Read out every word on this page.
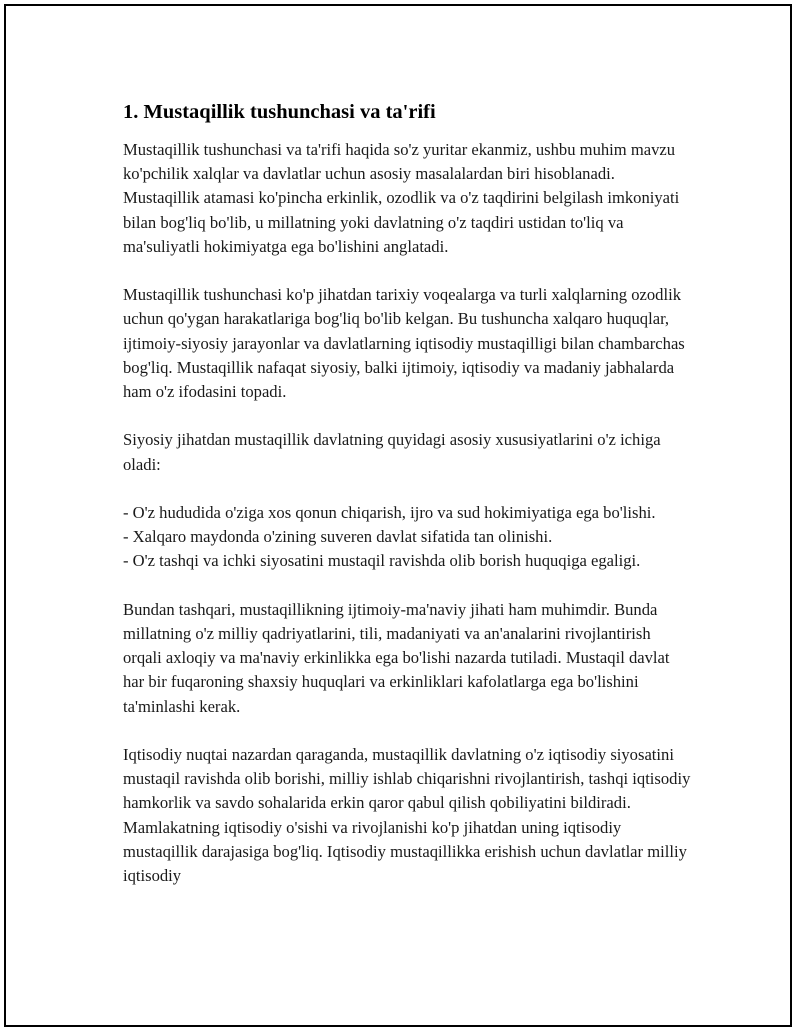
1. Mustaqillik tushunchasi va ta'rifi

Mustaqillik tushunchasi va ta'rifi haqida so'z yuritar ekanmiz, ushbu muhim mavzu ko'pchilik xalqlar va davlatlar uchun asosiy masalalardan biri hisoblanadi. Mustaqillik atamasi ko'pincha erkinlik, ozodlik va o'z taqdirini belgilash imkoniyati bilan bog'liq bo'lib, u millatning yoki davlatning o'z taqdiri ustidan to'liq va ma'suliyatli hokimiyatga ega bo'lishini anglatadi.

Mustaqillik tushunchasi ko'p jihatdan tarixiy voqealarga va turli xalqlarning ozodlik uchun qo'ygan harakatlariga bog'liq bo'lib kelgan. Bu tushuncha xalqaro huquqlar, ijtimoiy-siyosiy jarayonlar va davlatlarning iqtisodiy mustaqilligi bilan chambarchas bog'liq. Mustaqillik nafaqat siyosiy, balki ijtimoiy, iqtisodiy va madaniy jabhalarda ham o'z ifodasini topadi.

Siyosiy jihatdan mustaqillik davlatning quyidagi asosiy xususiyatlarini o'z ichiga oladi:

- O'z hududida o'ziga xos qonun chiqarish, ijro va sud hokimiyatiga ega bo'lishi.
- Xalqaro maydonda o'zining suveren davlat sifatida tan olinishi.
- O'z tashqi va ichki siyosatini mustaqil ravishda olib borish huquqiga egaligi.

Bundan tashqari, mustaqillikning ijtimoiy-ma'naviy jihati ham muhimdir. Bunda millatning o'z milliy qadriyatlarini, tili, madaniyati va an'analarini rivojlantirish orqali axloqiy va ma'naviy erkinlikka ega bo'lishi nazarda tutiladi. Mustaqil davlat har bir fuqaroning shaxsiy huquqlari va erkinliklari kafolatlarga ega bo'lishini ta'minlashi kerak.

Iqtisodiy nuqtai nazardan qaraganda, mustaqillik davlatning o'z iqtisodiy siyosatini mustaqil ravishda olib borishi, milliy ishlab chiqarishni rivojlantirish, tashqi iqtisodiy hamkorlik va savdo sohalarida erkin qaror qabul qilish qobiliyatini bildiradi. Mamlakatning iqtisodiy o'sishi va rivojlanishi ko'p jihatdan uning iqtisodiy mustaqillik darajasiga bog'liq. Iqtisodiy mustaqillikka erishish uchun davlatlar milliy iqtisodiy
